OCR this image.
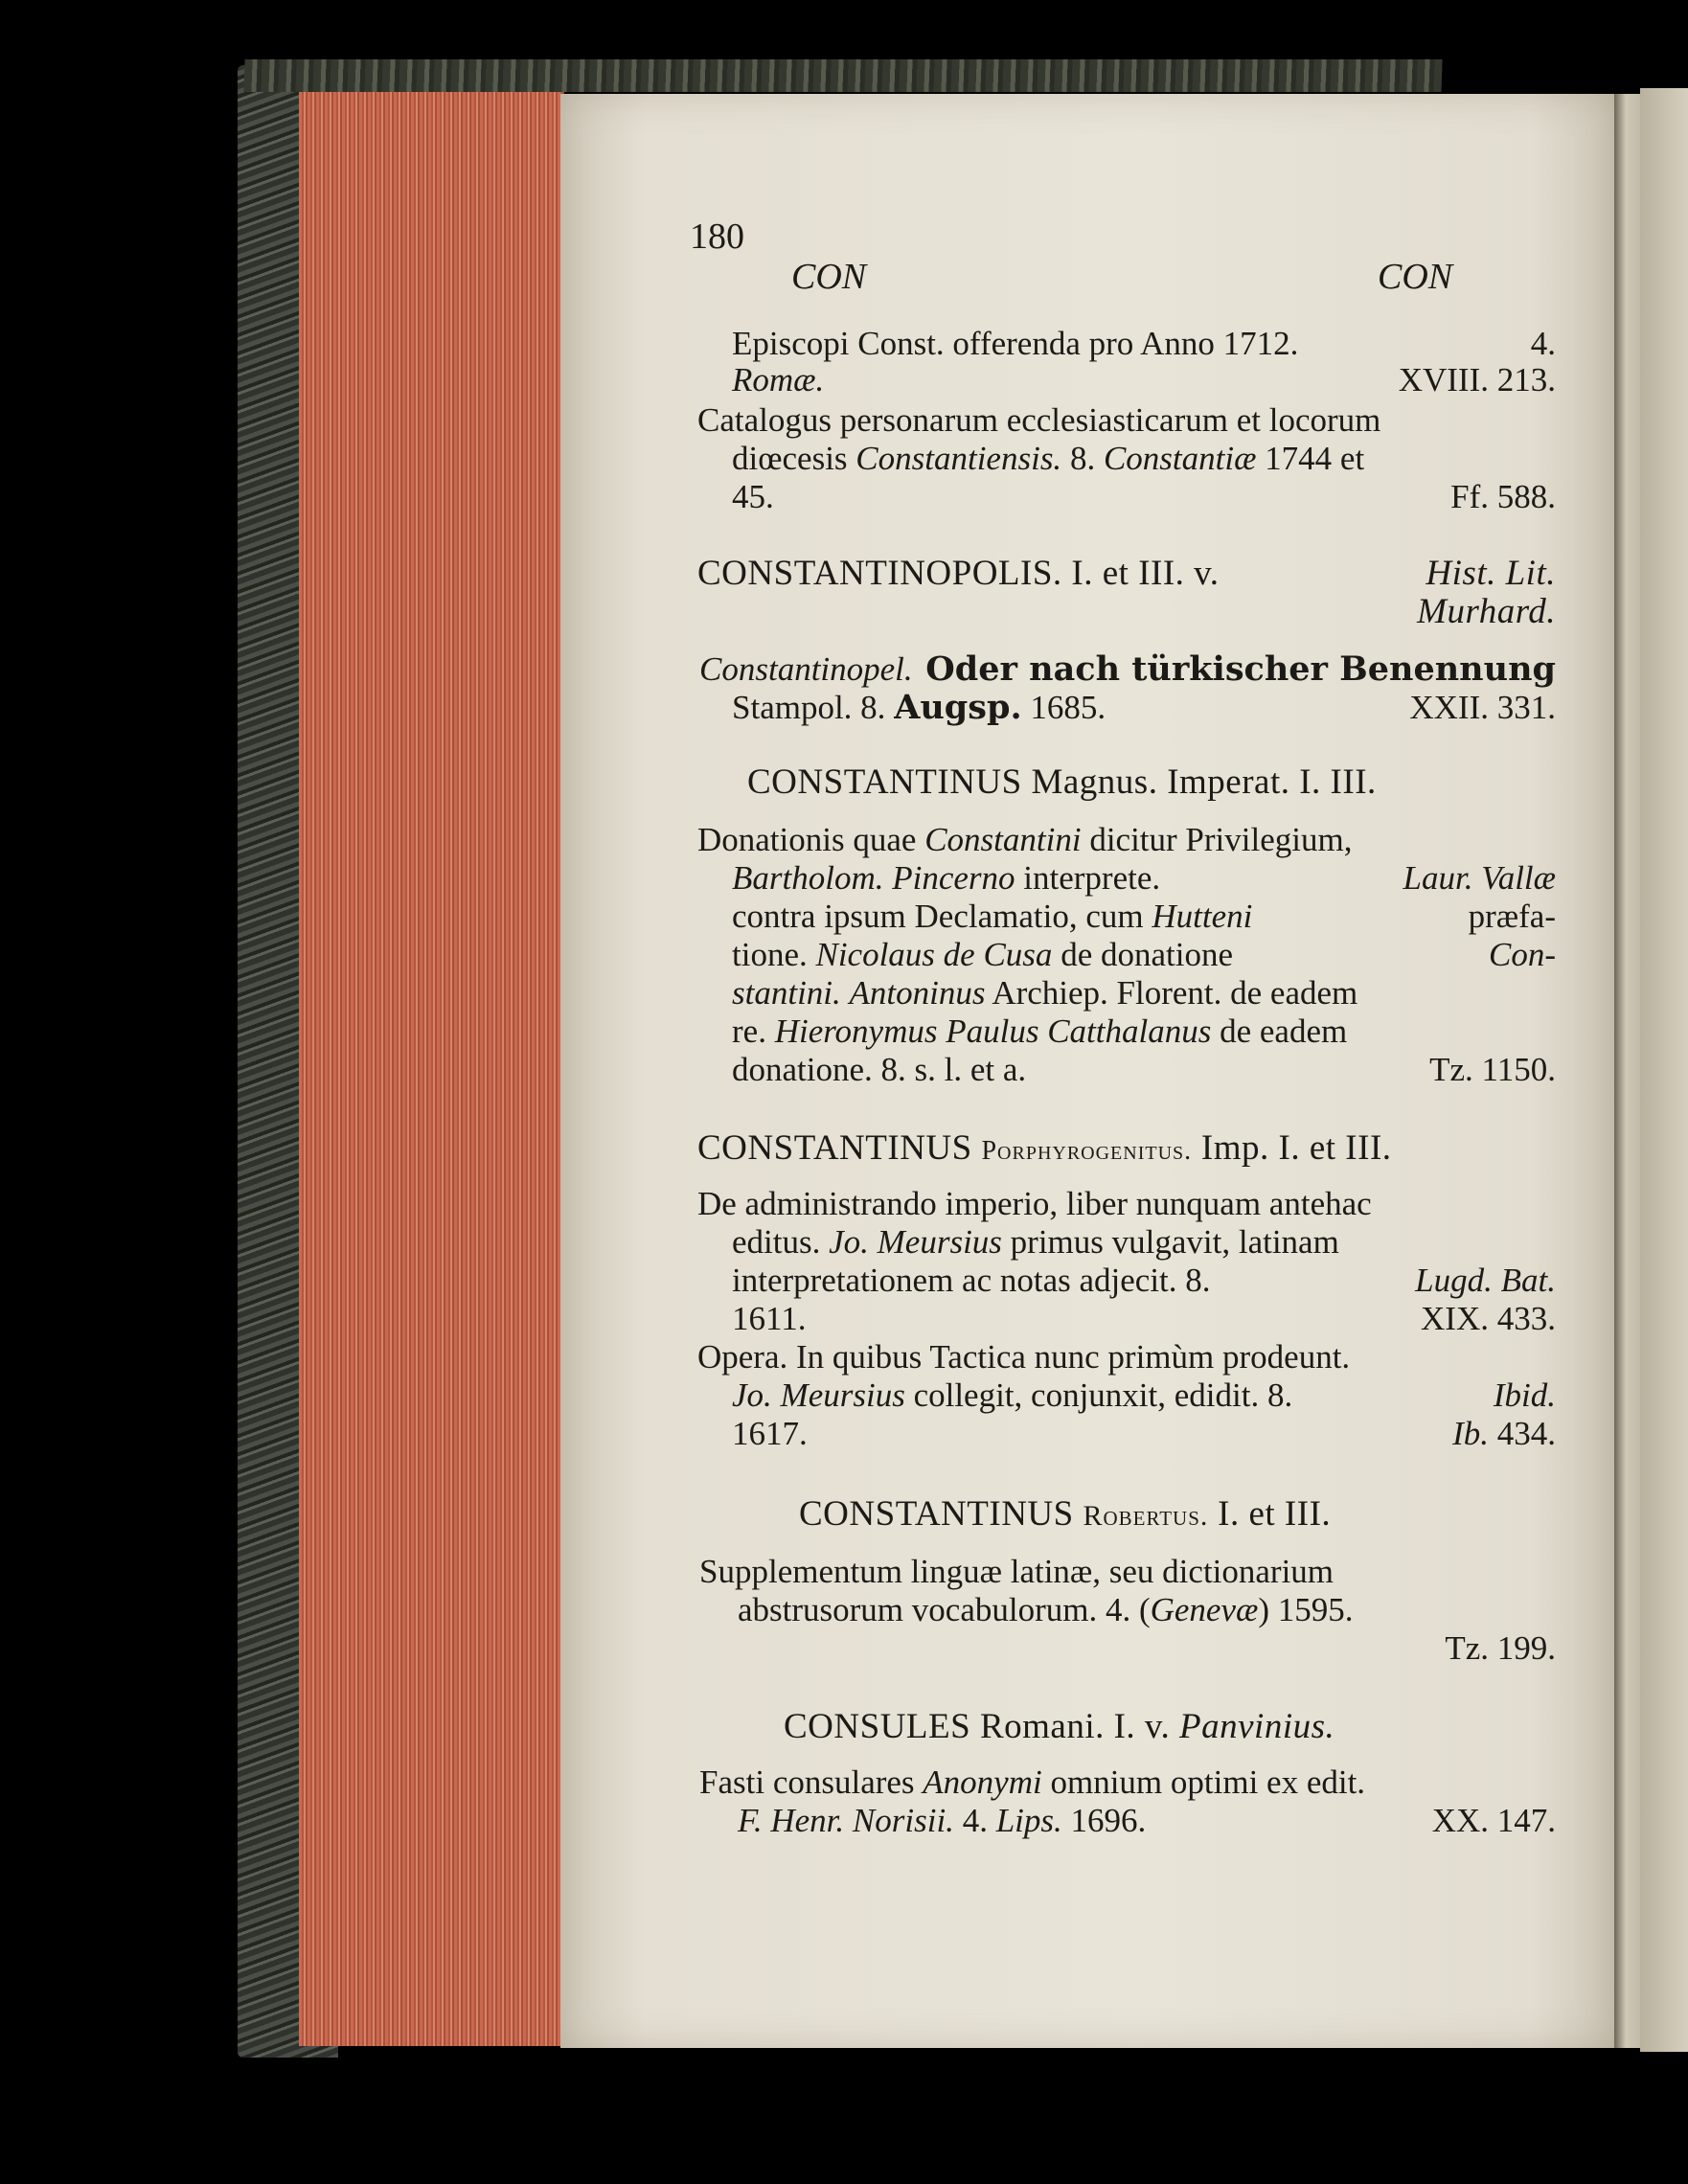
180
CON	CON
Episcopi Const. offerenda pro Anno 1712.	4.
Romæ.	XVIII. 213.
Catalogus personarum ecclesiasticarum et locorum
diœcesis Constantiensis. 8. Constantiæ 1744 et
45.	Ff. 588.
CONSTANTINOPOLIS. I. et III. v.	Hist. Lit.
Murhard.
Constantinopel. Oder nach türkischer Benennung
Stampol. 8. Augsp. 1685.	XXII. 331.
CONSTANTINUS Magnus. Imperat. I. III.
Donationis quae Constantini dicitur Privilegium,
Bartholom. Pincerno interprete.	Laur. Vallæ
contra ipsum Declamatio, cum Hutteni	præfa-
tione. Nicolaus de Cusa de donatione	Con-
stantini. Antoninus Archiep. Florent. de eadem
re. Hieronymus Paulus Catthalanus de eadem
donatione. 8. s. l. et a.	Tz. 1150.
CONSTANTINUS Porphyrogenitus. Imp. I. et III.
De administrando imperio, liber nunquam antehac
editus. Jo. Meursius primus vulgavit, latinam
interpretationem ac notas adjecit. 8.	Lugd. Bat.
1611.	XIX. 433.
Opera. In quibus Tactica nunc primùm prodeunt.
Jo. Meursius collegit, conjunxit, edidit. 8.	Ibid.
1617.	Ib. 434.
CONSTANTINUS Robertus. I. et III.
Supplementum linguæ latinæ, seu dictionarium
abstrusorum vocabulorum. 4. (Genevæ) 1595.
Tz. 199.
CONSULES Romani. I. v. Panvinius.
Fasti consulares Anonymi omnium optimi ex edit.
F. Henr. Norisii. 4. Lips. 1696.	XX. 147.
